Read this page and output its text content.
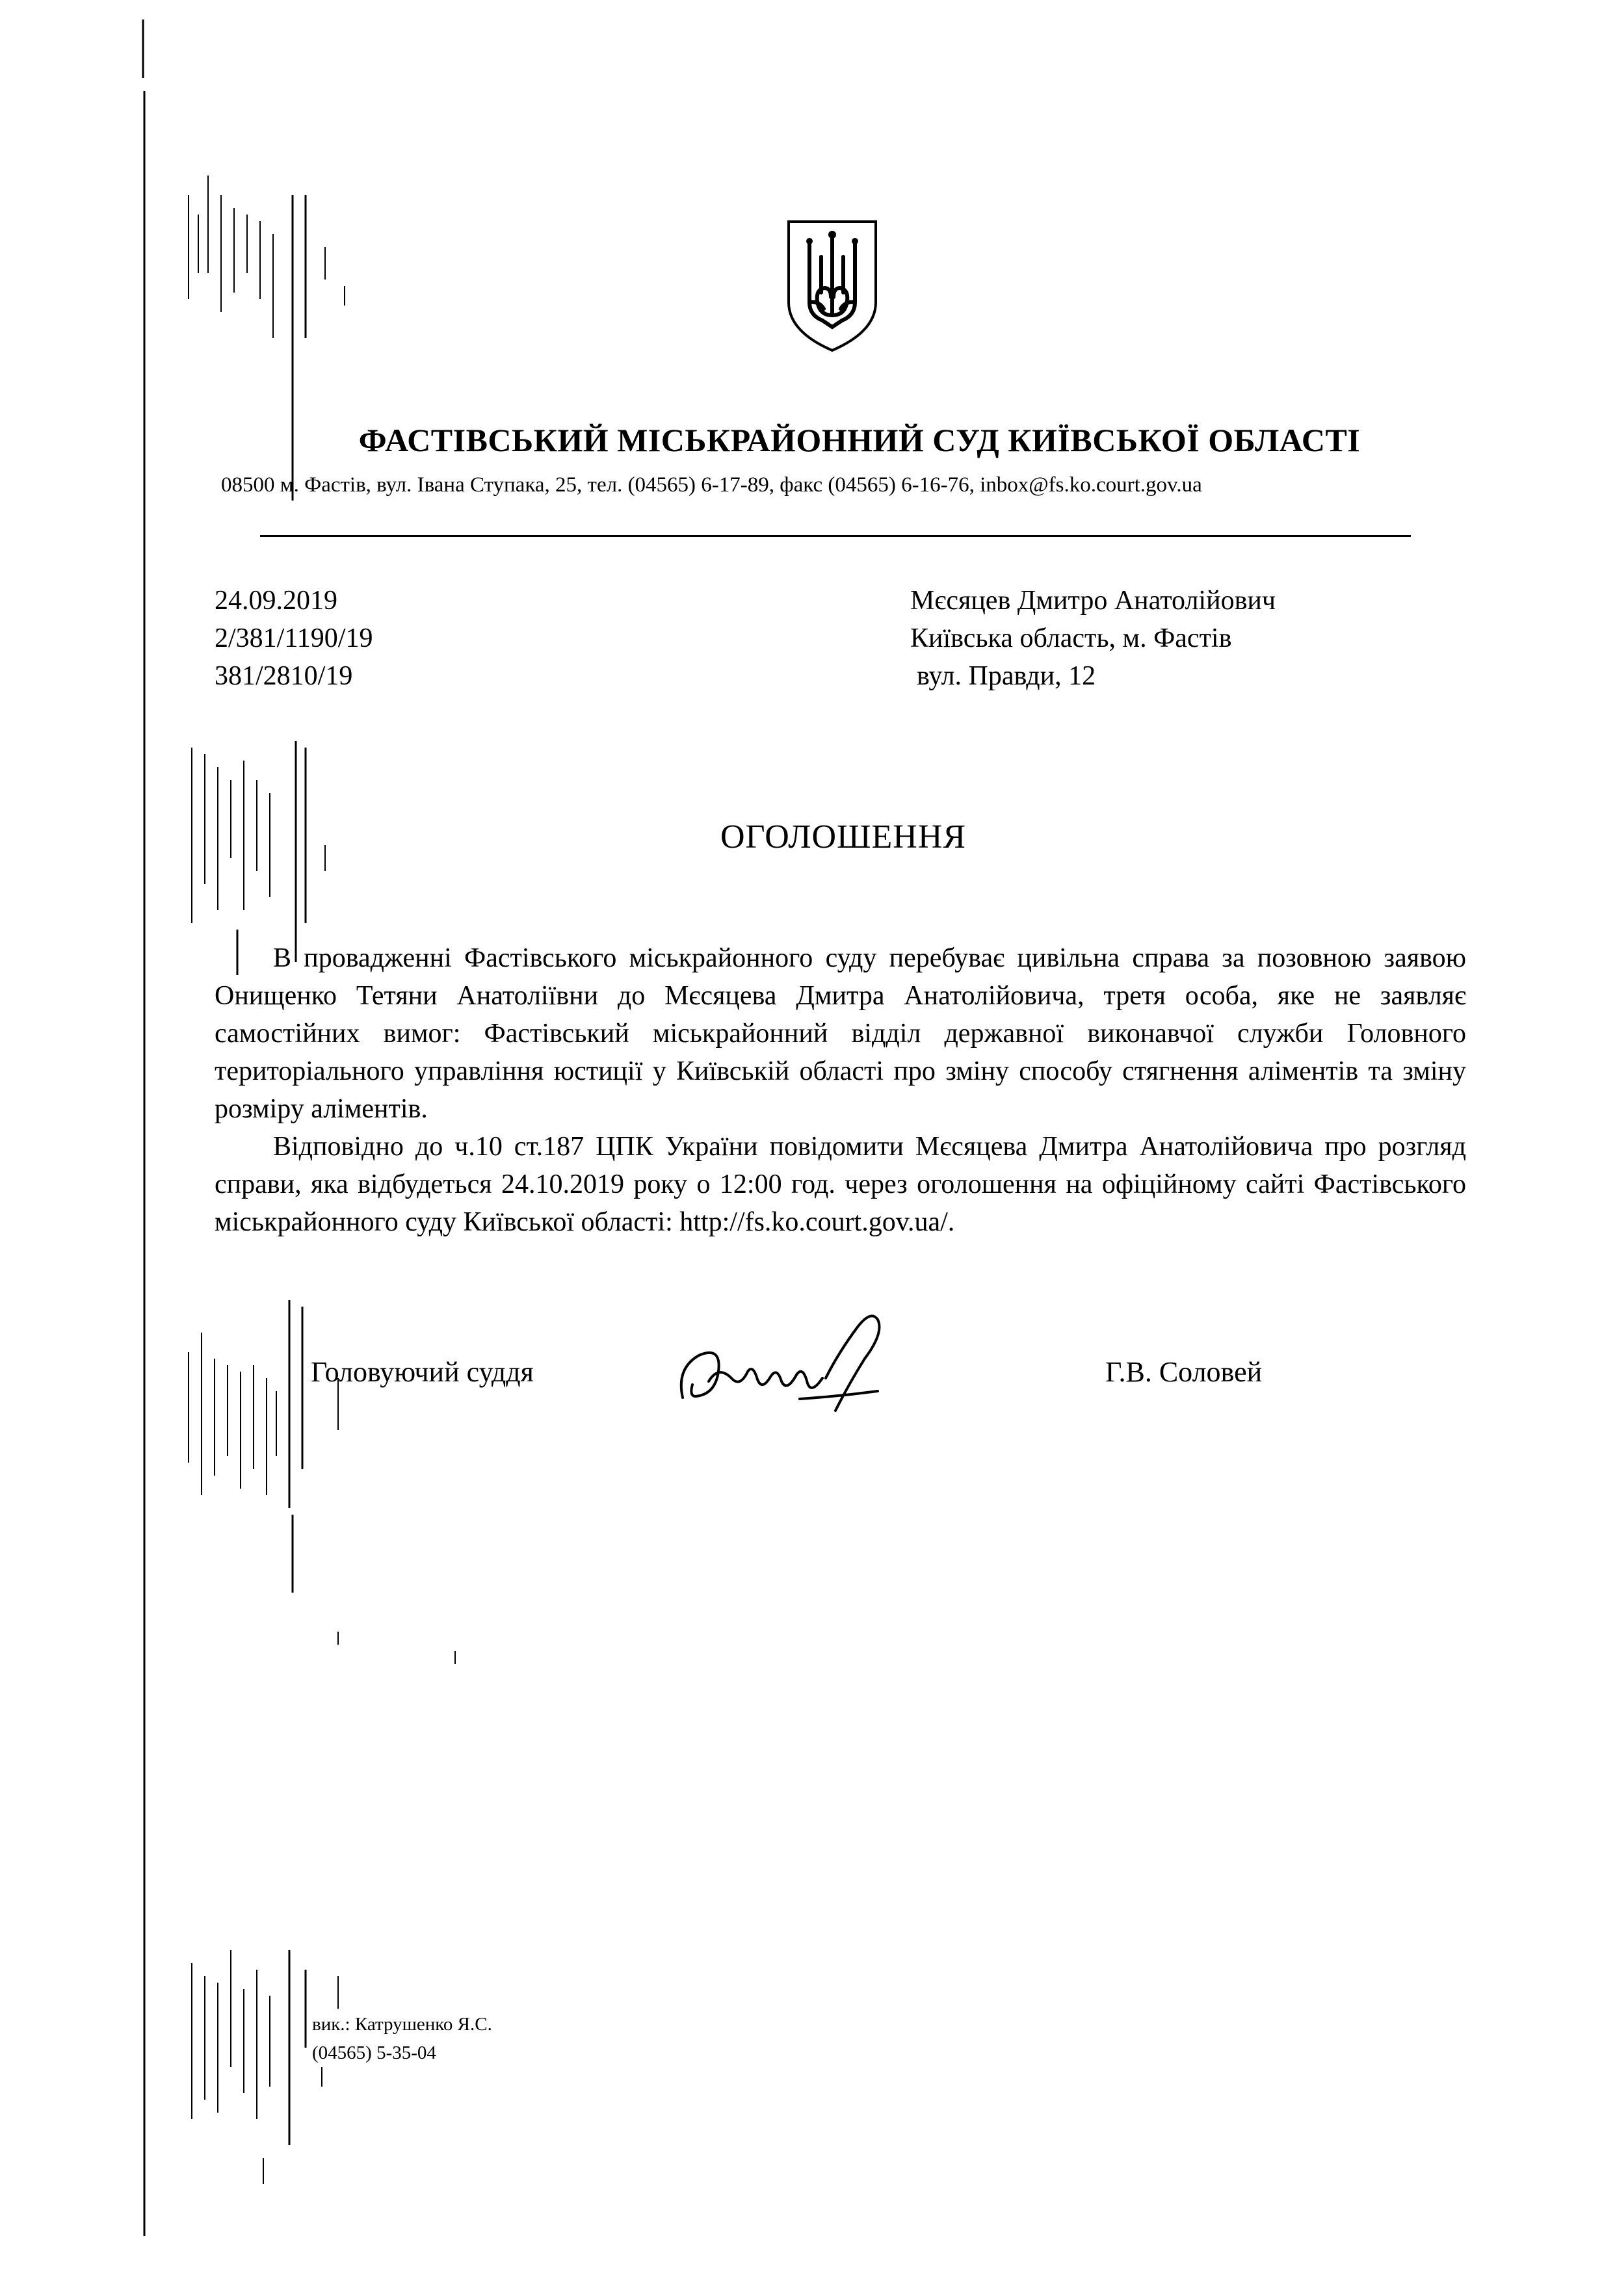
ФАСТІВСЬКИЙ МІСЬКРАЙОННИЙ СУД КИЇВСЬКОЇ ОБЛАСТІ
08500 м. Фастів, вул. Івана Ступака, 25, тел. (04565) 6-17-89, факс (04565) 6-16-76, inbox@fs.ko.court.gov.ua
24.09.2019
2/381/1190/19
381/2810/19
Мєсяцев Дмитро Анатолійович
Київська область, м. Фастів
вул. Правди, 12
ОГОЛОШЕННЯ

В провадженні Фастівського міськрайонного суду перебуває цивільна справа за позовною заявою Онищенко Тетяни Анатоліївни до Мєсяцева Дмитра Анатолійовича, третя особа, яке не заявляє самостійних вимог: Фастівський міськрайонний відділ державної виконавчої служби Головного територіального управління юстиції у Київській області про зміну способу стягнення аліментів та зміну розміру аліментів.

Відповідно до ч.10 ст.187 ЦПК України повідомити Мєсяцева Дмитра Анатолійовича про розгляд справи, яка відбудеться 24.10.2019 року о 12:00 год. через оголошення на офіційному сайті Фастівського міськрайонного суду Київської області: http://fs.ko.court.gov.ua/.

Головуючий суддя	Г.В. Соловей
вик.: Катрушенко Я.С.
(04565) 5-35-04
